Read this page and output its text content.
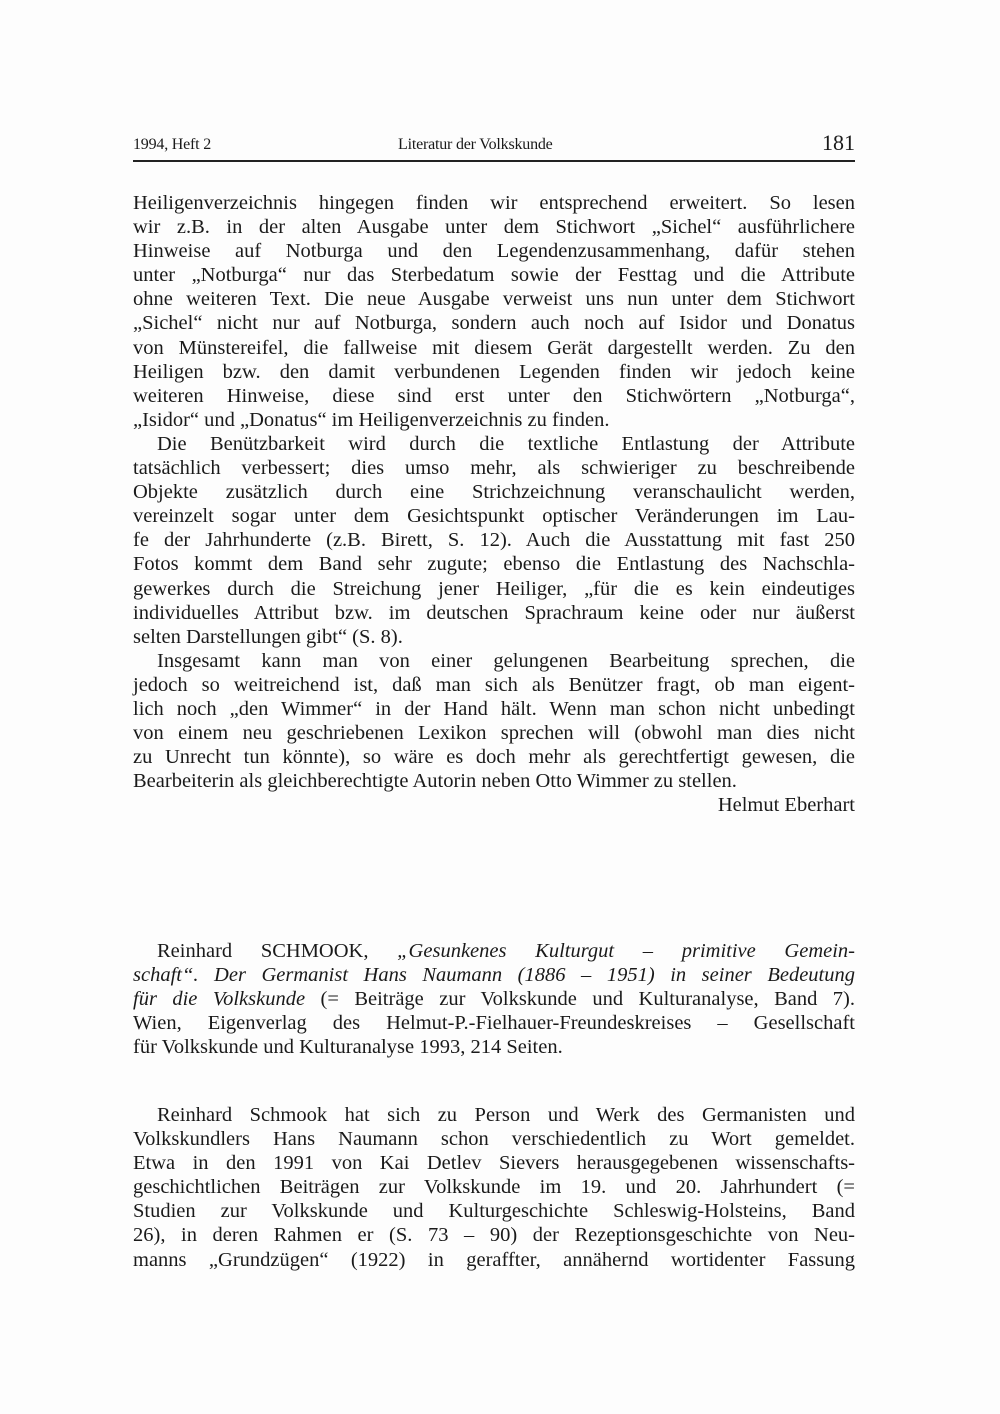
1994, Heft 2	Literatur der Volkskunde	181
Heiligenverzeichnis hingegen finden wir entsprechend erweitert. So lesen
wir z.B. in der alten Ausgabe unter dem Stichwort „Sichel“ ausführlichere
Hinweise auf Notburga und den Legendenzusammenhang, dafür stehen
unter „Notburga“ nur das Sterbedatum sowie der Festtag und die Attribute
ohne weiteren Text. Die neue Ausgabe verweist uns nun unter dem Stichwort
„Sichel“ nicht nur auf Notburga, sondern auch noch auf Isidor und Donatus
von Münstereifel, die fallweise mit diesem Gerät dargestellt werden. Zu den
Heiligen bzw. den damit verbundenen Legenden finden wir jedoch keine
weiteren Hinweise, diese sind erst unter den Stichwörtern „Notburga“,
„Isidor“ und „Donatus“ im Heiligenverzeichnis zu finden.
Die Benützbarkeit wird durch die textliche Entlastung der Attribute
tatsächlich verbessert; dies umso mehr, als schwieriger zu beschreibende
Objekte zusätzlich durch eine Strichzeichnung veranschaulicht werden,
vereinzelt sogar unter dem Gesichtspunkt optischer Veränderungen im Lau-
fe der Jahrhunderte (z.B. Birett, S. 12). Auch die Ausstattung mit fast 250
Fotos kommt dem Band sehr zugute; ebenso die Entlastung des Nachschla-
gewerkes durch die Streichung jener Heiliger, „für die es kein eindeutiges
individuelles Attribut bzw. im deutschen Sprachraum keine oder nur äußerst
selten Darstellungen gibt“ (S. 8).
Insgesamt kann man von einer gelungenen Bearbeitung sprechen, die
jedoch so weitreichend ist, daß man sich als Benützer fragt, ob man eigent-
lich noch „den Wimmer“ in der Hand hält. Wenn man schon nicht unbedingt
von einem neu geschriebenen Lexikon sprechen will (obwohl man dies nicht
zu Unrecht tun könnte), so wäre es doch mehr als gerechtfertigt gewesen, die
Bearbeiterin als gleichberechtigte Autorin neben Otto Wimmer zu stellen.
Helmut Eberhart
Reinhard SCHMOOK, „Gesunkenes Kulturgut – primitive Gemein-
schaft“. Der Germanist Hans Naumann (1886 – 1951) in seiner Bedeutung
für die Volkskunde (= Beiträge zur Volkskunde und Kulturanalyse, Band 7).
Wien, Eigenverlag des Helmut-P.-Fielhauer-Freundeskreises – Gesellschaft
für Volkskunde und Kulturanalyse 1993, 214 Seiten.
Reinhard Schmook hat sich zu Person und Werk des Germanisten und
Volkskundlers Hans Naumann schon verschiedentlich zu Wort gemeldet.
Etwa in den 1991 von Kai Detlev Sievers herausgegebenen wissenschafts-
geschichtlichen Beiträgen zur Volkskunde im 19. und 20. Jahrhundert (=
Studien zur Volkskunde und Kulturgeschichte Schleswig-Holsteins, Band
26), in deren Rahmen er (S. 73 – 90) der Rezeptionsgeschichte von Neu-
manns „Grundzügen“ (1922) in geraffter, annähernd wortidenter Fassung
